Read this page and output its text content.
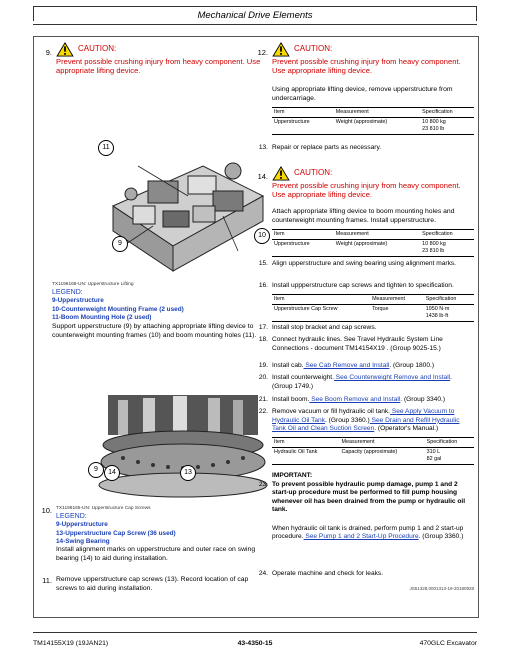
Mechanical Drive Elements
9.	CAUTION:
Prevent possible crushing injury from heavy component. Use appropriate lifting device.
11
9
10
TX1196168-UN: Upperstructure Lifting
LEGEND:
9-Upperstructure
10-Counterweight Mounting Frame (2 used)
11-Boom Mounting Hole (2 used)
Support upperstructure (9) by attaching appropriate lifting device to counterweight mounting frames (10) and boom mounting holes (11).
9	14	13
10. TX1196165-UN: Upperstructure Cap Screws
LEGEND:
9-Upperstructure
13-Upperstructure Cap Screw (36 used)
14-Swing Bearing
Install alignment marks on upperstructure and outer race on swing bearing (14) to aid during installation.
11. Remove upperstructure cap screws (13). Record location of cap screws to aid during installation.
12.	CAUTION:
Prevent possible crushing injury from heavy component. Use appropriate lifting device.
Using appropriate lifting device, remove upperstructure from undercarriage.
Item	Measurement	Specification
Upperstructure	Weight (approximate)	10 800 kg
23 810 lb
13. Repair or replace parts as necessary.
14.	CAUTION:
Prevent possible crushing injury from heavy component. Use appropriate lifting device.
Attach appropriate lifting device to boom mounting holes and counterweight mounting frames. Install upperstructure.
Item	Measurement	Specification
Upperstructure	Weight (approximate)	10 800 kg
23 810 lb
15. Align upperstructure and swing bearing using alignment marks.
16. Install uppperstructure cap screws and tighten to specification.
Item	Measurement	Specification
Upperstructure Cap Screw	Torque	1950 N·m
1438 lb·ft
17. Install stop bracket and cap screws.
18. Connect hydraulic lines. See Travel Hydraulic System Line Connections - document TM14154X19 . (Group 9025-15.)
19. Install cab. See Cab Remove and Install. (Group 1800.)
20. Install counterweight. See Counterweight Remove and Install. (Group 1749.)
21. Install boom. See Boom Remove and Install. (Group 3340.)
22. Remove vacuum or fill hydraulic oil tank. See Apply Vacuum to Hydraulic Oil Tank. (Group 3360.) See Drain and Refill Hydraulic Tank Oil and Clean Suction Screen. (Operator's Manual.)
Item	Measurement	Specification
Hydraulic Oil Tank	Capacity (approximate)	310 L
82 gal
IMPORTANT:
23. To prevent possible hydraulic pump damage, pump 1 and 2 start-up procedure must be performed to fill pump housing whenever oil has been drained from the pump or hydraulic oil tank.
When hydraulic oil tank is drained, perform pump 1 and 2 start-up procedure. See Pump 1 and 2 Start-Up Procedure. (Group 3360.)
24. Operate machine and check for leaks.
JS51328,0001313-19-20180928
TM14155X19 (19JAN21)	43-4350-15	470GLC Excavator
